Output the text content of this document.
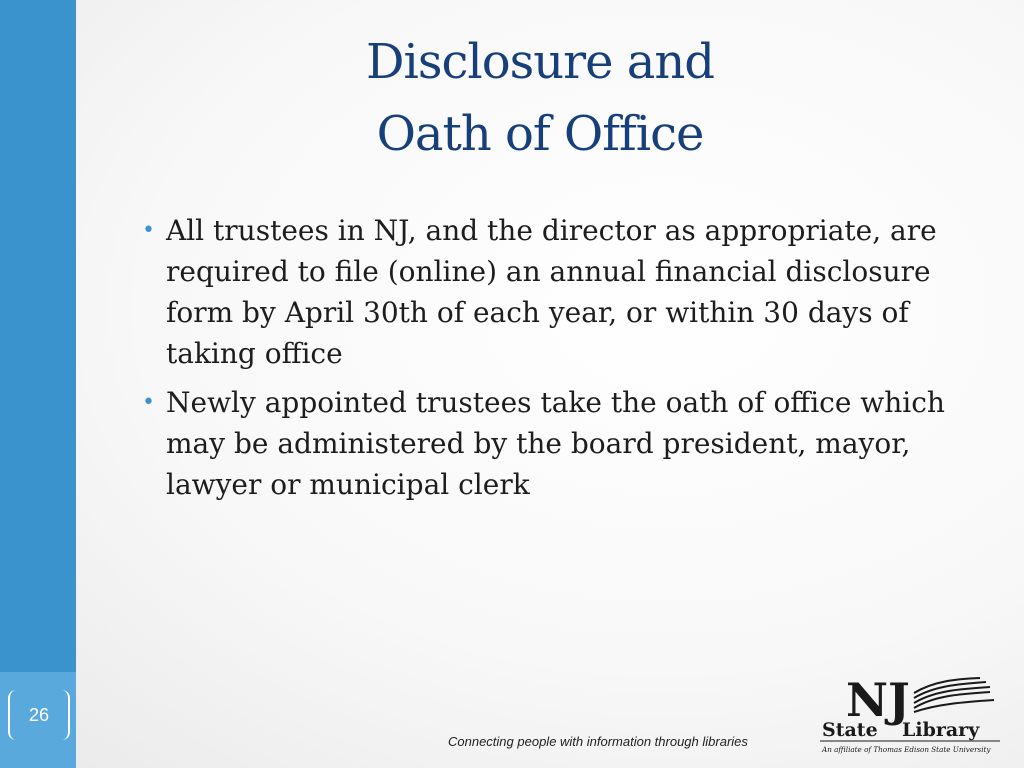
26
Disclosure and
Oath of Office
• All trustees in NJ, and the director as appropriate, are required to file (online) an annual financial disclosure form by April 30th of each year, or within 30 days of taking office
• Newly appointed trustees take the oath of office which may be administered by the board president, mayor, lawyer or municipal clerk
Connecting people with information through libraries
NJ
State Library
An affiliate of Thomas Edison State University
